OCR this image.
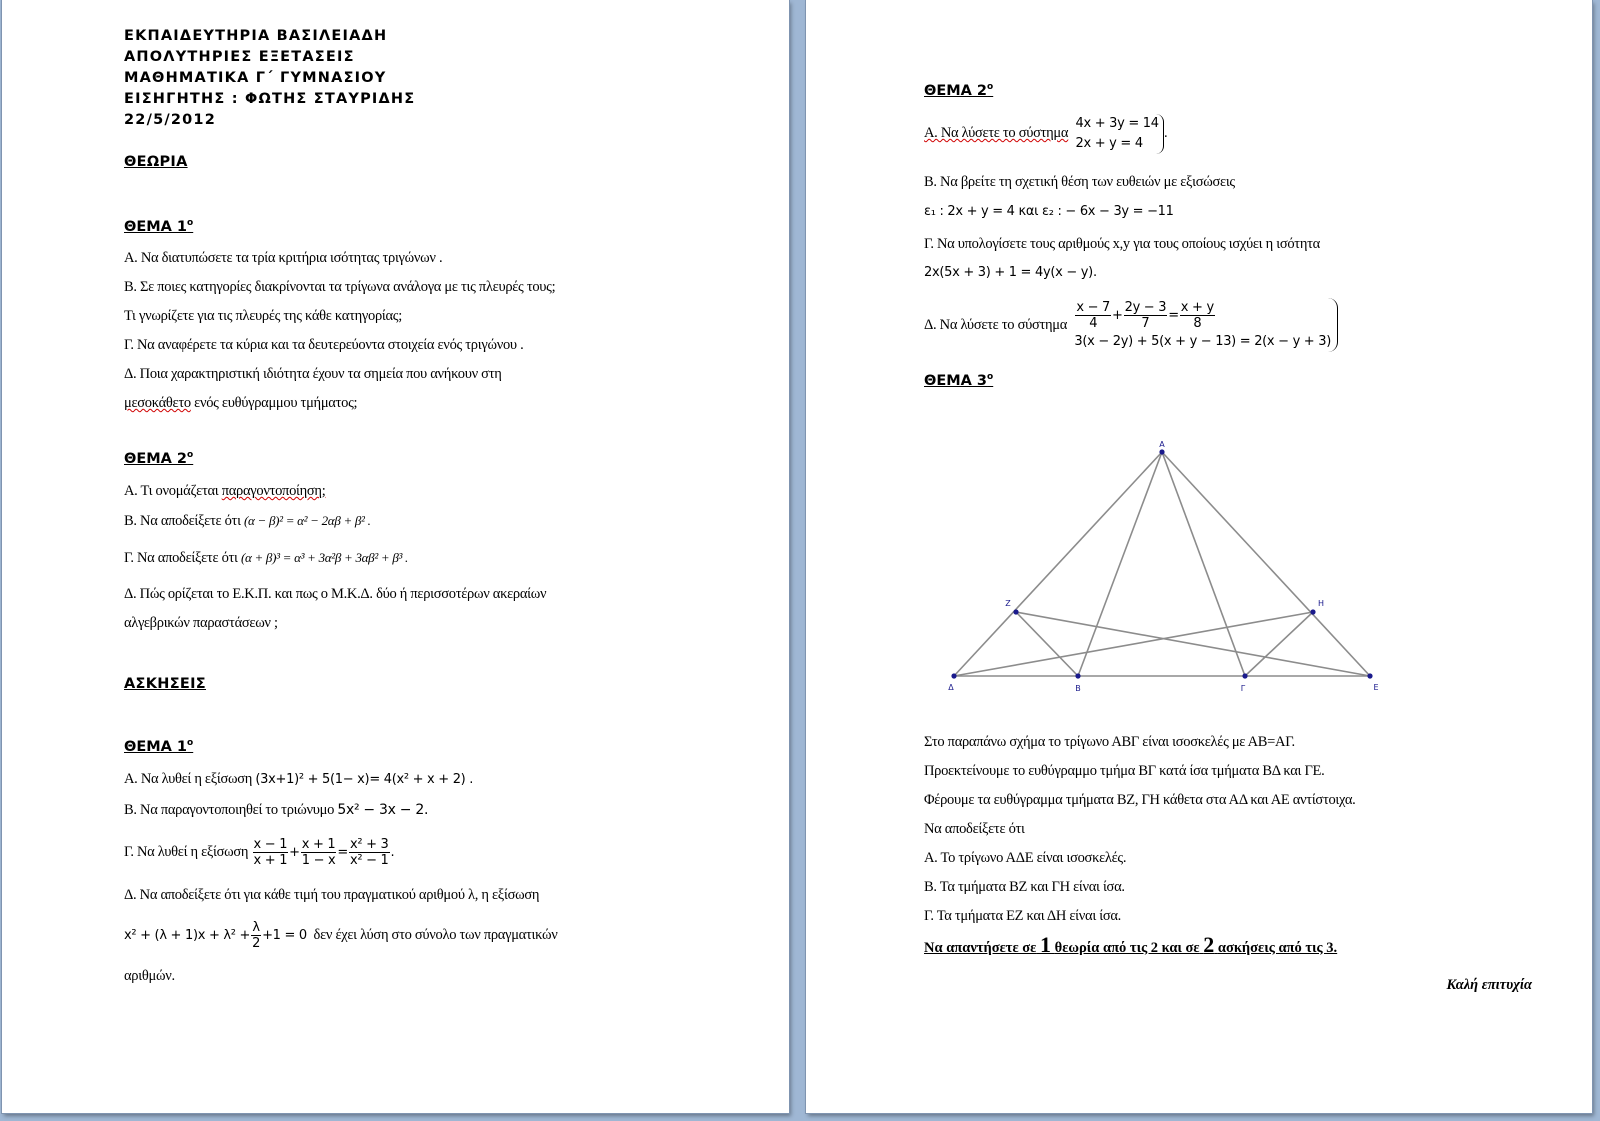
ΕΚΠΑΙΔΕΥΤΗΡΙΑ ΒΑΣΙΛΕΙΑΔΗ
ΑΠΟΛΥΤΗΡΙΕΣ ΕΞΕΤΑΣΕΙΣ
ΜΑΘΗΜΑΤΙΚΑ Γ΄ ΓΥΜΝΑΣΙΟΥ
ΕΙΣΗΓΗΤΗΣ : ΦΩΤΗΣ ΣΤΑΥΡΙΔΗΣ
22/5/2012
ΘΕΩΡΙΑ
ΘΕΜΑ $1^o$
Α. Να διατυπώσετε τα τρία κριτήρια ισότητας τριγώνων .
Β. Σε ποιες κατηγορίες διακρίνονται τα τρίγωνα ανάλογα με τις πλευρές τους;
Τι γνωρίζετε για τις πλευρές της κάθε κατηγορίας;
Γ. Να αναφέρετε τα κύρια και τα δευτερεύοντα στοιχεία ενός τριγώνου .
Δ. Ποια χαρακτηριστική ιδιότητα έχουν τα σημεία που ανήκουν στη
μεσοκάθετο ενός ευθύγραμμου τμήματος;
ΘΕΜΑ $2^o$
Α. Τι ονομάζεται παραγοντοποίηση;
Β. Να αποδείξετε ότι (α − β)² = α² − 2αβ + β² .
Γ. Να αποδείξετε ότι (α + β)³ = α³ + 3α²β + 3αβ² + β³ .
Δ. Πώς ορίζεται το Ε.Κ.Π. και πως ο Μ.Κ.Δ. δύο ή περισσοτέρων ακεραίων
αλγεβρικών παραστάσεων ;
ΑΣΚΗΣΕΙΣ
ΘΕΜΑ $1^o$
Α. Να λυθεί η εξίσωση (3x+1)² + 5(1− x)= 4(x² + x + 2) .
Β. Να παραγοντοποιηθεί το τριώνυμο 5x² − 3x − 2.
Γ. Να λυθεί η εξίσωση $\frac{x - 1}{x + 1} + \frac{x + 1}{1 - x} = \frac{\text{x² + 3}}{\text{x² − 1}}$ .
Δ. Να αποδείξετε ότι για κάθε τιμή του πραγματικού αριθμού λ, η εξίσωση
$x^2 + (\lambda + 1)x + \lambda^2 + \frac{\lambda}{2} +1 = 0$ δεν έχει λύση στο σύνολο των πραγματικών
αριθμών.
ΘΕΜΑ $2^o$
Α. Να λύσετε το σύστημα
4x + 3y = 14
2x + y = 4
.
Β. Να βρείτε τη σχετική θέση των ευθειών με εξισώσεις
ε₁ : 2x + y = 4 και ε₂ : − 6x − 3y = −11
Γ. Να υπολογίσετε τους αριθμούς x,y για τους οποίους ισχύει η ισότητα
2x(5x + 3) + 1 = 4y(x − y).
Δ. Να λύσετε το σύστημα $\frac{x - 7}{4} + \frac{2y - 3}{7} = \frac{x + y}{8}$
3(x − 2y) + 5(x + y − 13) = 2(x − y + 3)
ΘΕΜΑ $3^o$
Α
Ζ	Η
Δ	Β	Γ	Ε
Στο παραπάνω σχήμα το τρίγωνο ΑΒΓ είναι ισοσκελές με ΑΒ=ΑΓ.
Προεκτείνουμε το ευθύγραμμο τμήμα ΒΓ κατά ίσα τμήματα ΒΔ και ΓΕ.
Φέρουμε τα ευθύγραμμα τμήματα ΒΖ, ΓΗ κάθετα στα ΑΔ και ΑΕ αντίστοιχα.
Να αποδείξετε ότι
Α. Το τρίγωνο ΑΔΕ είναι ισοσκελές.
Β. Τα τμήματα ΒΖ και ΓΗ είναι ίσα.
Γ. Τα τμήματα ΕΖ και ΔΗ είναι ίσα.
Να απαντήσετε σε 1 θεωρία από τις 2 και σε 2 ασκήσεις από τις 3.
Καλή επιτυχία
